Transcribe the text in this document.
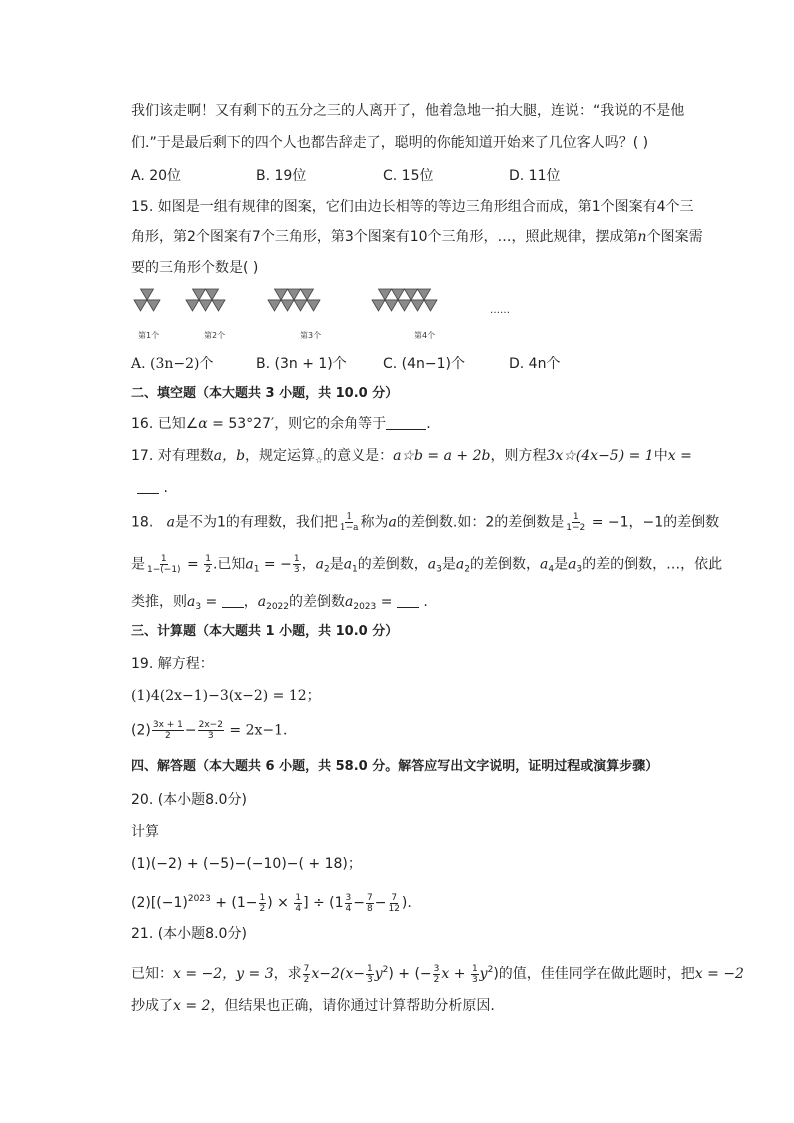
我们该走啊！又有剩下的五分之三的人离开了，他着急地一拍大腿，连说：“我说的不是他
们.”于是最后剩下的四个人也都告辞走了，聪明的你能知道开始来了几位客人吗？( )
A. 20位	B. 19位	C. 15位	D. 11位
15. 如图是一组有规律的图案，它们由边长相等的等边三角形组合而成，第1个图案有4个三
角形，第2个图案有7个三角形，第3个图案有10个三角形，…，照此规律，摆成第n个图案需
要的三角形个数是( )
第1个	第2个	第3个	第4个
……
A. (3n−2)个	B. (3n + 1)个	C. (4n−1)个	D. 4n个
二、填空题（本大题共 3 小题，共 10.0 分）
16. 已知∠α = 53°27′，则它的余角等于	.
17. 对有理数a，b，规定运算$_☆$的意义是：a☆b = a + 2b，则方程3x☆(4x−5) = 1中x =
.
18. a是不为1的有理数，我们把 $\frac{1}{1-a}$ 称为a的差倒数.如：2的差倒数是 $\frac{1}{1-2} = -1$，−1的差倒数
是 $\frac{1}{1-(-1)} = \frac{1}{2}$ .已知$a_1$ = − $\frac{1}{3}$ ，$a_2$是$a_1$的差倒数，$a_3$是$a_2$的差倒数，$a_4$是$a_3$的差的倒数，…，依此
类推，则$a_3$ = ，$a_{2022}$的差倒数$a_{2023}$ =  .
三、计算题（本大题共 1 小题，共 10.0 分）
19. 解方程：
(1)4(2x−1)−3(x−2) = 12；
$(2) \frac{3x + 1}{2} - \frac{2x-2}{3} = 2x-1$.
四、解答题（本大题共 6 小题，共 58.0 分。解答应写出文字说明，证明过程或演算步骤）
20. (本小题8.0分)
计算
(1)(−2) + (−5)−(−10)−( + 18)；
$(2)[(-1)^{2023} + (1- \frac{1}{2}$ ) × $\frac{1}{4}$ ] ÷ ($1 \frac{3}{4} - \frac{7}{8} - \frac{7}{12}$ ).
21. (本小题8.0分)
已知：x = −2，y = 3，求 $\frac{7}{2} x-2(x- \frac{1}{3} y^2)$ + (− $\frac{3}{2}$ $x + \frac{1}{3} y^2$)的值，佳佳同学在做此题时，把x = −2
抄成了x = 2，但结果也正确，请你通过计算帮助分析原因.
